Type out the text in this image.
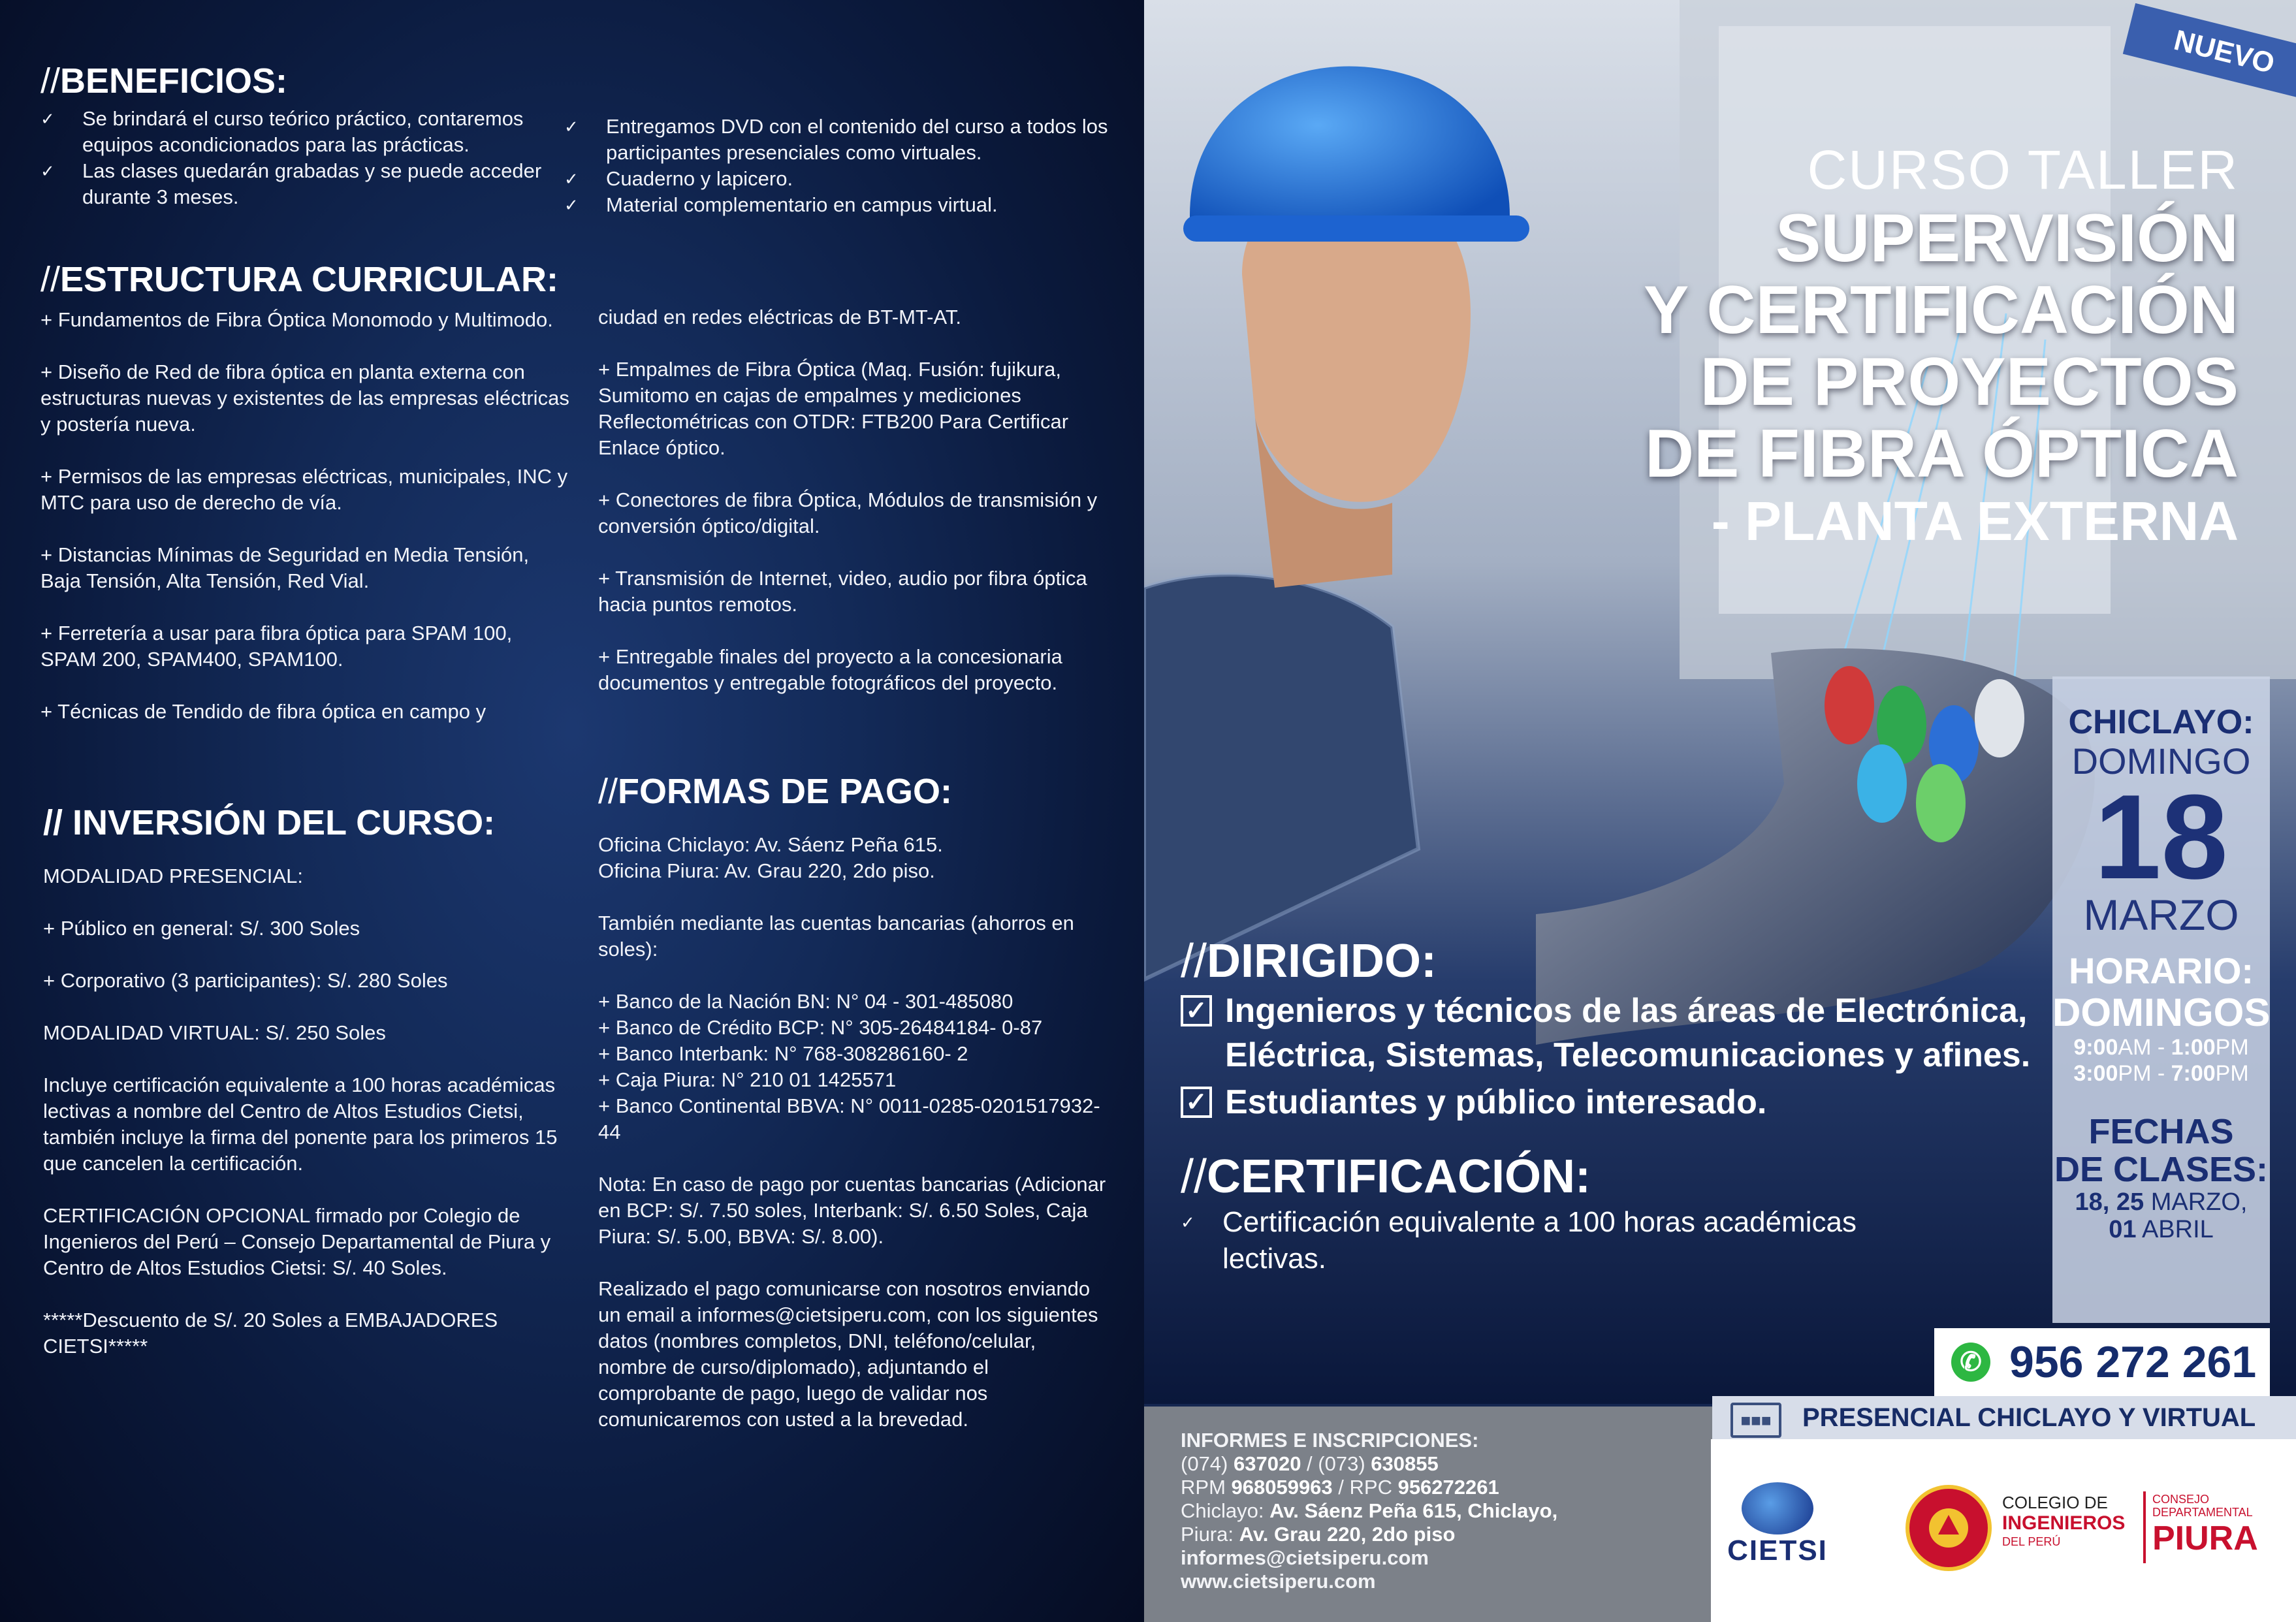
//BENEFICIOS:
✓ Se brindará el curso teórico práctico, contaremos equipos acondicionados para las prácticas.
✓ Las clases quedarán grabadas y se puede acceder durante 3 meses.
✓ Entregamos DVD con el contenido del curso a todos los participantes presenciales como virtuales.
✓ Cuaderno y lapicero.
✓ Material complementario en campus virtual.
//ESTRUCTURA CURRICULAR:

+ Fundamentos de Fibra Óptica Monomodo y Multimodo.

+ Diseño de Red de fibra óptica en planta externa con estructuras nuevas y existentes de las empresas eléctricas y postería nueva.

+ Permisos de las empresas eléctricas, municipales, INC y MTC para uso de derecho de vía.

+ Distancias Mínimas de Seguridad en Media Tensión, Baja Tensión, Alta Tensión, Red Vial.

+ Ferretería a usar para fibra óptica para SPAM 100, SPAM 200, SPAM400, SPAM100.

+ Técnicas de Tendido de fibra óptica en campo y

ciudad en redes eléctricas de BT-MT-AT.

+ Empalmes de Fibra Óptica (Maq. Fusión: fujikura, Sumitomo en cajas de empalmes y mediciones Reflectométricas con OTDR: FTB200 Para Certificar Enlace óptico.

+ Conectores de fibra Óptica, Módulos de transmisión y conversión óptico/digital.

+ Transmisión de Internet, video, audio por fibra óptica hacia puntos remotos.

+ Entregable finales del proyecto a la concesionaria documentos y entregable fotográficos del proyecto.

// INVERSIÓN DEL CURSO:

MODALIDAD PRESENCIAL:

+ Público en general: S/. 300 Soles

+ Corporativo (3 participantes): S/. 280 Soles

MODALIDAD VIRTUAL: S/. 250 Soles

Incluye certificación equivalente a 100 horas académicas lectivas a nombre del Centro de Altos Estudios Cietsi, también incluye la firma del ponente para los primeros 15 que cancelen la certificación.

CERTIFICACIÓN OPCIONAL firmado por Colegio de Ingenieros del Perú – Consejo Departamental de Piura y Centro de Altos Estudios Cietsi: S/. 40 Soles.

*****Descuento de S/. 20 Soles a EMBAJADORES CIETSI*****

//FORMAS DE PAGO:

Oficina Chiclayo: Av. Sáenz Peña 615.

Oficina Piura: Av. Grau 220, 2do piso.

También mediante las cuentas bancarias (ahorros en soles):

+ Banco de la Nación BN: N° 04 - 301-485080

+ Banco de Crédito BCP: N° 305-26484184- 0-87

+ Banco Interbank: N° 768-308286160- 2

+ Caja Piura: N° 210 01 1425571

+ Banco Continental BBVA: N° 0011-0285-0201517932-44

Nota: En caso de pago por cuentas bancarias (Adicionar en BCP: S/. 7.50 soles, Interbank: S/. 6.50 Soles, Caja Piura: S/. 5.00, BBVA: S/. 8.00).

Realizado el pago comunicarse con nosotros enviando un email a informes@cietsiperu.com, con los siguientes datos (nombres completos, DNI, teléfono/celular, nombre de curso/diplomado), adjuntando el comprobante de pago, luego de validar nos comunicaremos con usted a la brevedad.

NUEVO
CURSO TALLER
SUPERVISIÓN
Y CERTIFICACIÓN
DE PROYECTOS
DE FIBRA ÓPTICA
- PLANTA EXTERNA
CHICLAYO:
DOMINGO
18
MARZO
HORARIO:
DOMINGOS
9:00AM - 1:00PM
3:00PM - 7:00PM
FECHAS
DE CLASES:
18, 25 MARZO,
01 ABRIL
//DIRIGIDO:
✓ Ingenieros y técnicos de las áreas de Electrónica, Eléctrica, Sistemas, Telecomunicaciones y afines.
✓ Estudiantes y público interesado.
//CERTIFICACIÓN:
✓ Certificación equivalente a 100 horas académicas lectivas.
✆ 956 272 261
■■■	PRESENCIAL CHICLAYO Y VIRTUAL
INFORMES E INSCRIPCIONES:
(074) 637020 / (073) 630855
RPM 968059963 / RPC 956272261
Chiclayo: Av. Sáenz Peña 615, Chiclayo,
Piura: Av. Grau 220, 2do piso
informes@cietsiperu.com
www.cietsiperu.com
CIETSI
COLEGIO DE
INGENIEROS
DEL PERÚ
CONSEJO
DEPARTAMENTAL
PIURA
